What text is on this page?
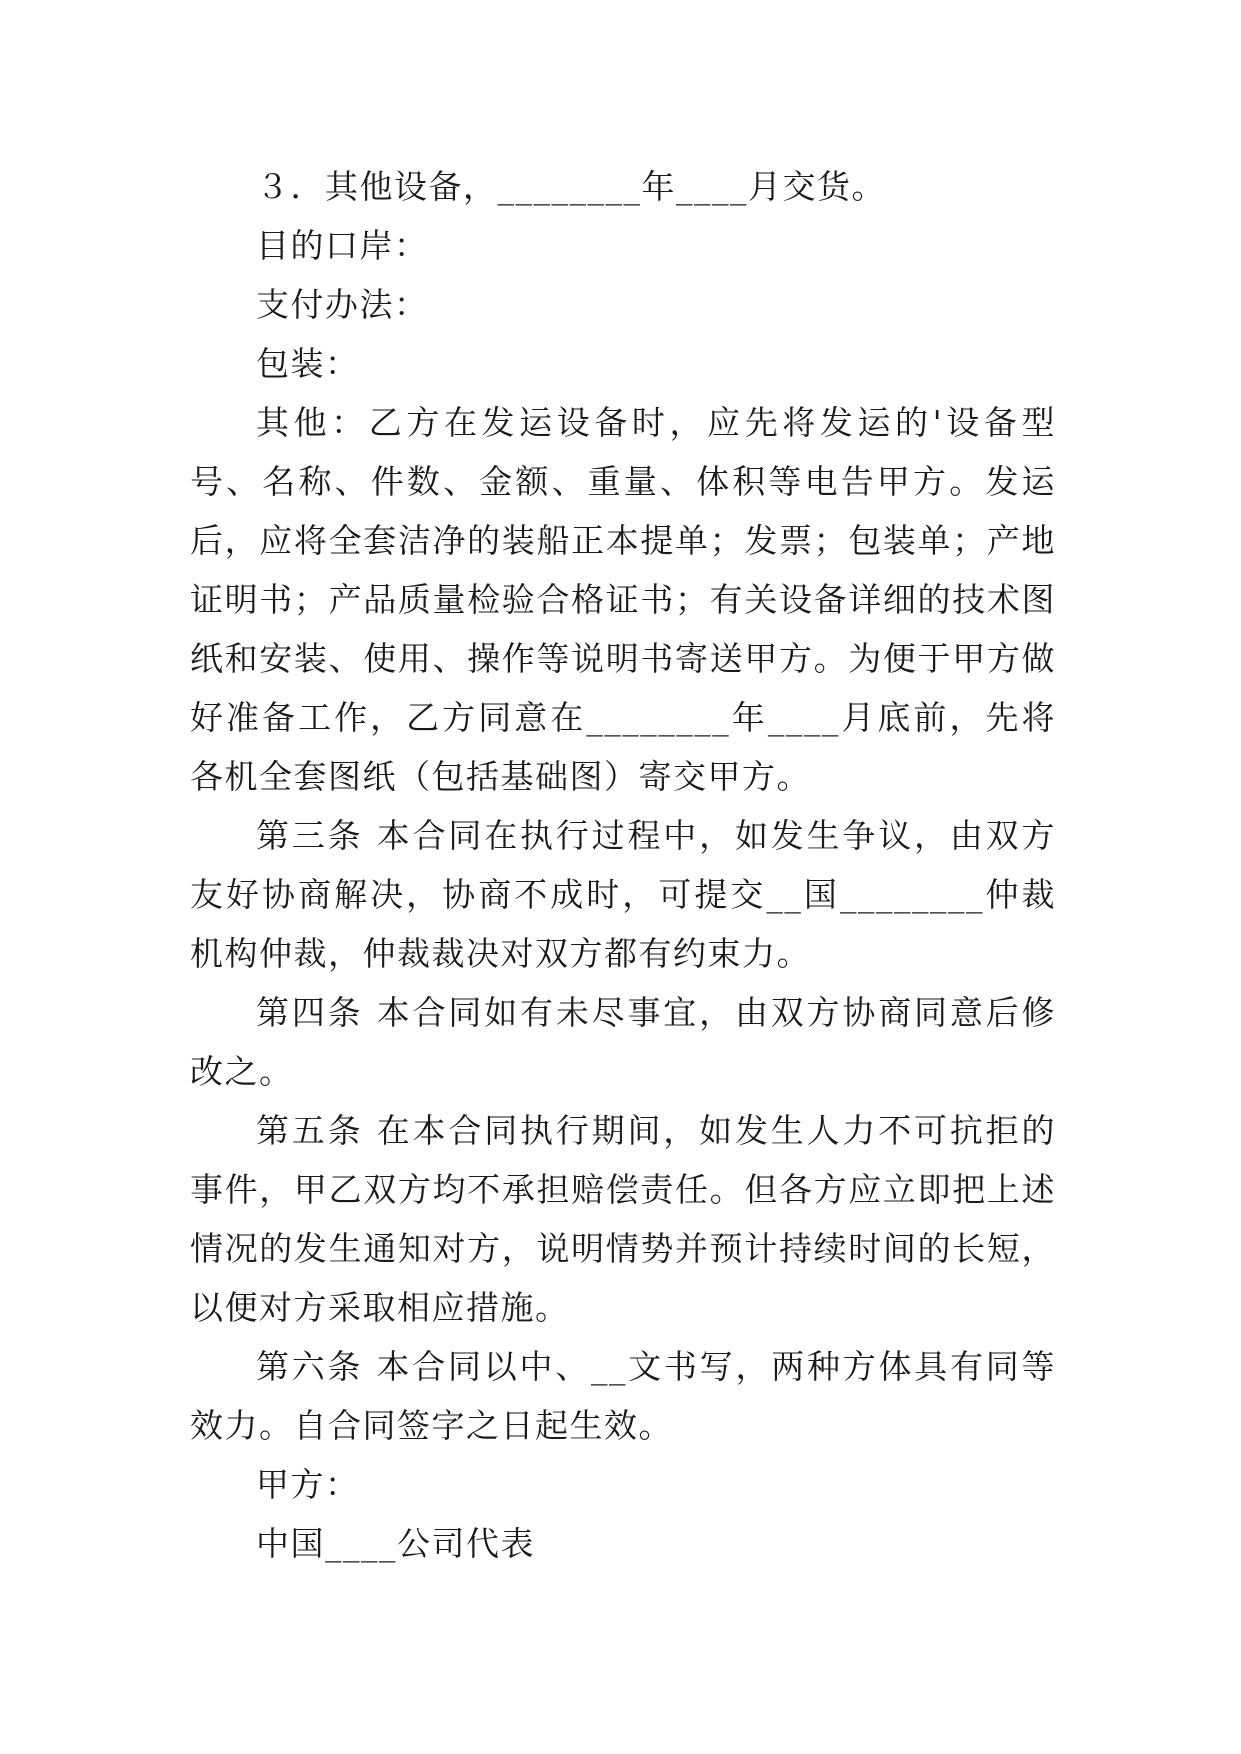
３．其他设备，________年____月交货。

目的口岸：

支付办法：

包装：

其他：乙方在发运设备时，应先将发运的'设备型号、名称、件数、金额、重量、体积等电告甲方。发运后，应将全套洁净的装船正本提单；发票；包装单；产地证明书；产品质量检验合格证书；有关设备详细的技术图纸和安装、使用、操作等说明书寄送甲方。为便于甲方做好准备工作，乙方同意在________年____月底前，先将各机全套图纸（包括基础图）寄交甲方。

第三条 本合同在执行过程中，如发生争议，由双方友好协商解决，协商不成时，可提交__国________仲裁机构仲裁，仲裁裁决对双方都有约束力。

第四条 本合同如有未尽事宜，由双方协商同意后修改之。

第五条 在本合同执行期间，如发生人力不可抗拒的事件，甲乙双方均不承担赔偿责任。但各方应立即把上述情况的发生通知对方，说明情势并预计持续时间的长短，以便对方采取相应措施。

第六条 本合同以中、__文书写，两种方体具有同等效力。自合同签字之日起生效。

甲方：

中国____公司代表
